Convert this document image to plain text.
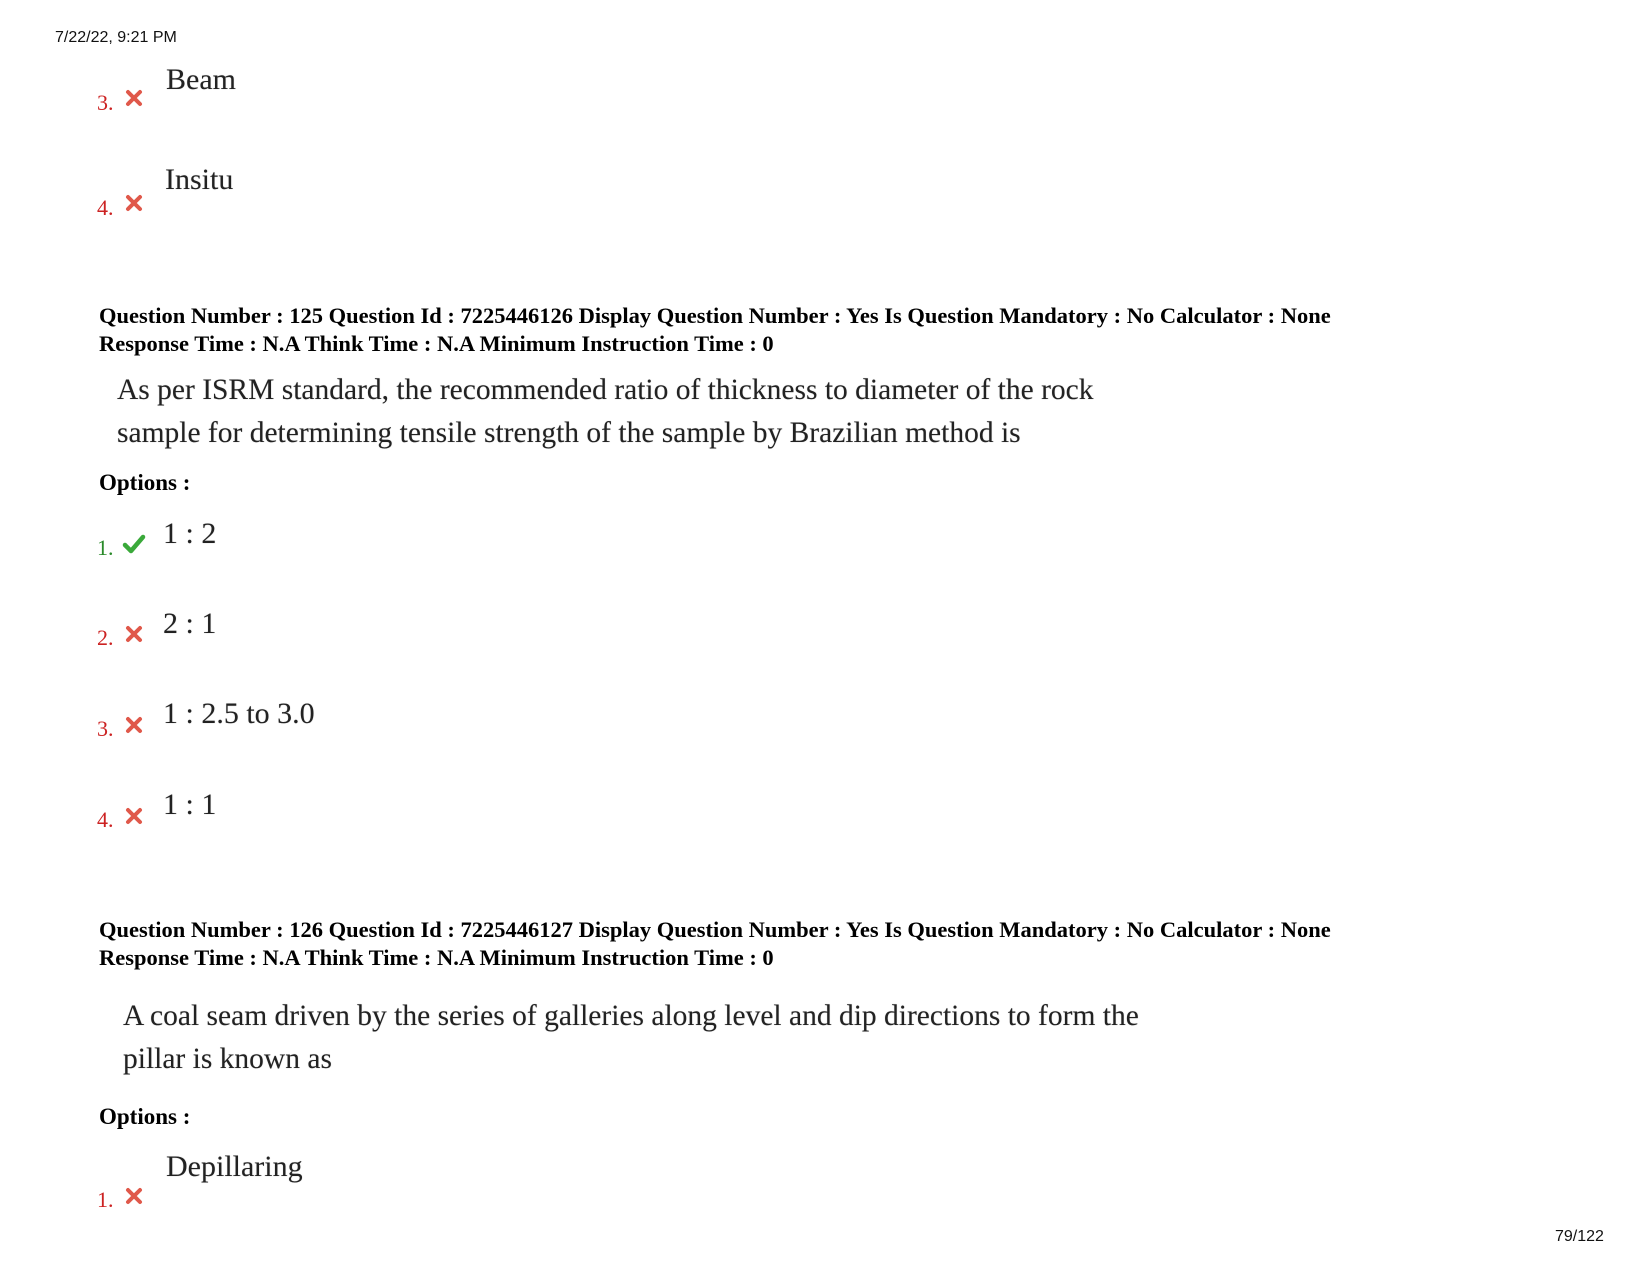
7/22/22, 9:21 PM
3.
Beam
4.
Insitu
Question Number : 125 Question Id : 7225446126 Display Question Number : Yes Is Question Mandatory : No Calculator : None
Response Time : N.A Think Time : N.A Minimum Instruction Time : 0
As per ISRM standard, the recommended ratio of thickness to diameter of the rock
sample for determining tensile strength of the sample by Brazilian method is
Options :
1. 1 : 2
2. 2 : 1
3. 1 : 2.5 to 3.0
4. 1 : 1
Question Number : 126 Question Id : 7225446127 Display Question Number : Yes Is Question Mandatory : No Calculator : None
Response Time : N.A Think Time : N.A Minimum Instruction Time : 0
A coal seam driven by the series of galleries along level and dip directions to form the
pillar is known as
Options :
1.
Depillaring
79/122
